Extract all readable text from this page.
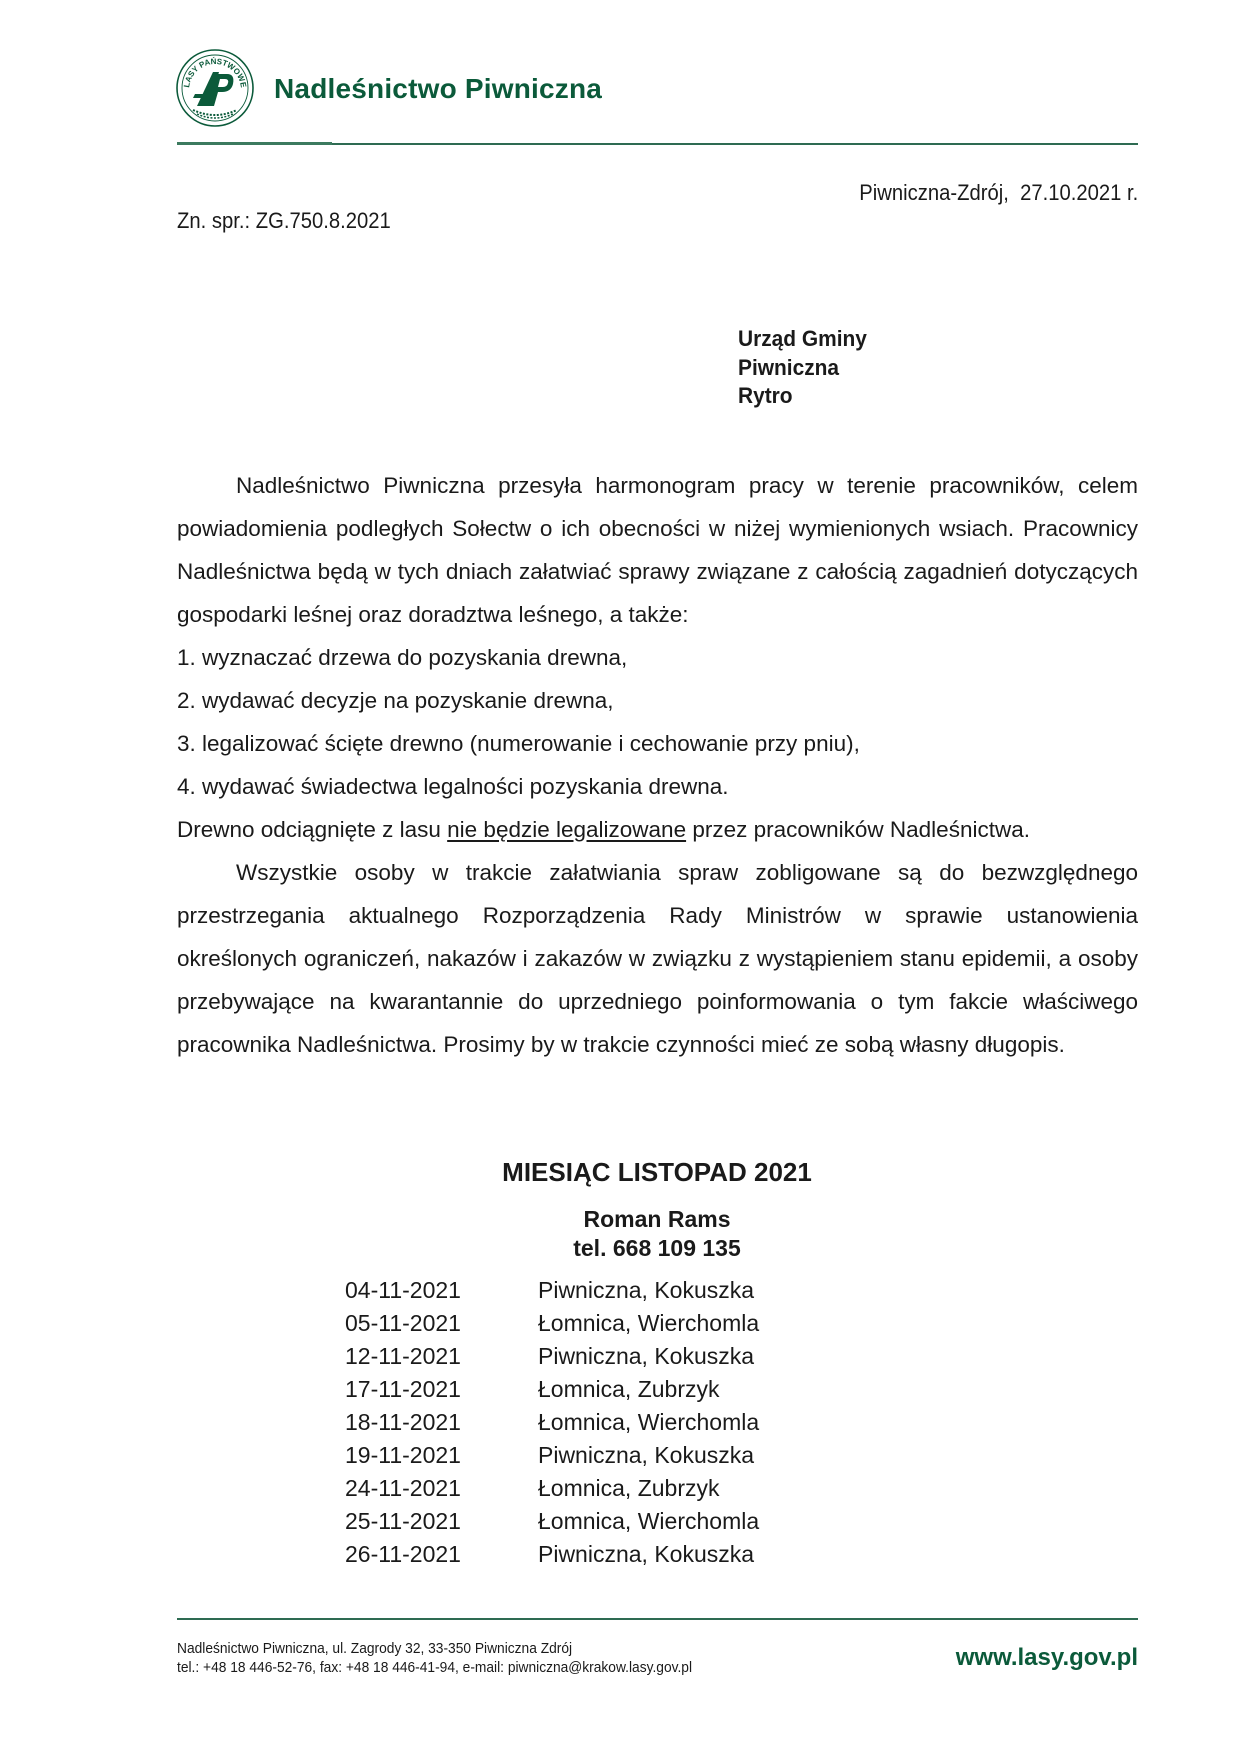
LASY PAŃSTWOWE Nadleśnictwo Piwnicznа
Piwniczna-Zdrój,  27.10.2021 r.
Zn. spr.: ZG.750.8.2021
Urząd Gminy
Piwniczna
Rytro

Nadleśnictwo Piwniczna przesyła harmonogram pracy w terenie pracowników, celem powiadomienia podległych Sołectw o ich obecności w niżej wymienionych wsiach. Pracownicy Nadleśnictwa będą w tych dniach załatwiać sprawy związane z całością zagadnień dotyczących gospodarki leśnej oraz doradztwa leśnego, a także:

1. wyznaczać drzewa do pozyskania drewna,
2. wydawać decyzje na pozyskanie drewna,
3. legalizować ścięte drewno (numerowanie i cechowanie przy pniu),
4. wydawać świadectwa legalności pozyskania drewna.
Drewno odciągnięte z lasu nie będzie legalizowane przez pracowników Nadleśnictwa.

Wszystkie osoby w trakcie załatwiania spraw zobligowane są do bezwzględnego przestrzegania aktualnego Rozporządzenia Rady Ministrów w sprawie ustanowienia określonych ograniczeń, nakazów i zakazów w związku z wystąpieniem stanu epidemii, a osoby przebywające na kwarantannie do uprzedniego poinformowania o tym fakcie właściwego pracownika Nadleśnictwa. Prosimy by w trakcie czynności mieć ze sobą własny długopis.

MIESIĄC LISTOPAD 2021
Roman Rams
tel. 668 109 135
04-11-2021	Piwniczna, Kokuszka
05-11-2021	Łomnica, Wierchomla
12-11-2021	Piwniczna, Kokuszka
17-11-2021	Łomnica, Zubrzyk
18-11-2021	Łomnica, Wierchomla
19-11-2021	Piwniczna, Kokuszka
24-11-2021	Łomnica, Zubrzyk
25-11-2021	Łomnica, Wierchomla
26-11-2021	Piwniczna, Kokuszka
Nadleśnictwo Piwniczna, ul. Zagrody 32, 33-350 Piwniczna Zdrój
tel.: +48 18 446-52-76, fax: +48 18 446-41-94, e-mail: piwniczna@krakow.lasy.gov.pl	www.lasy.gov.pl
